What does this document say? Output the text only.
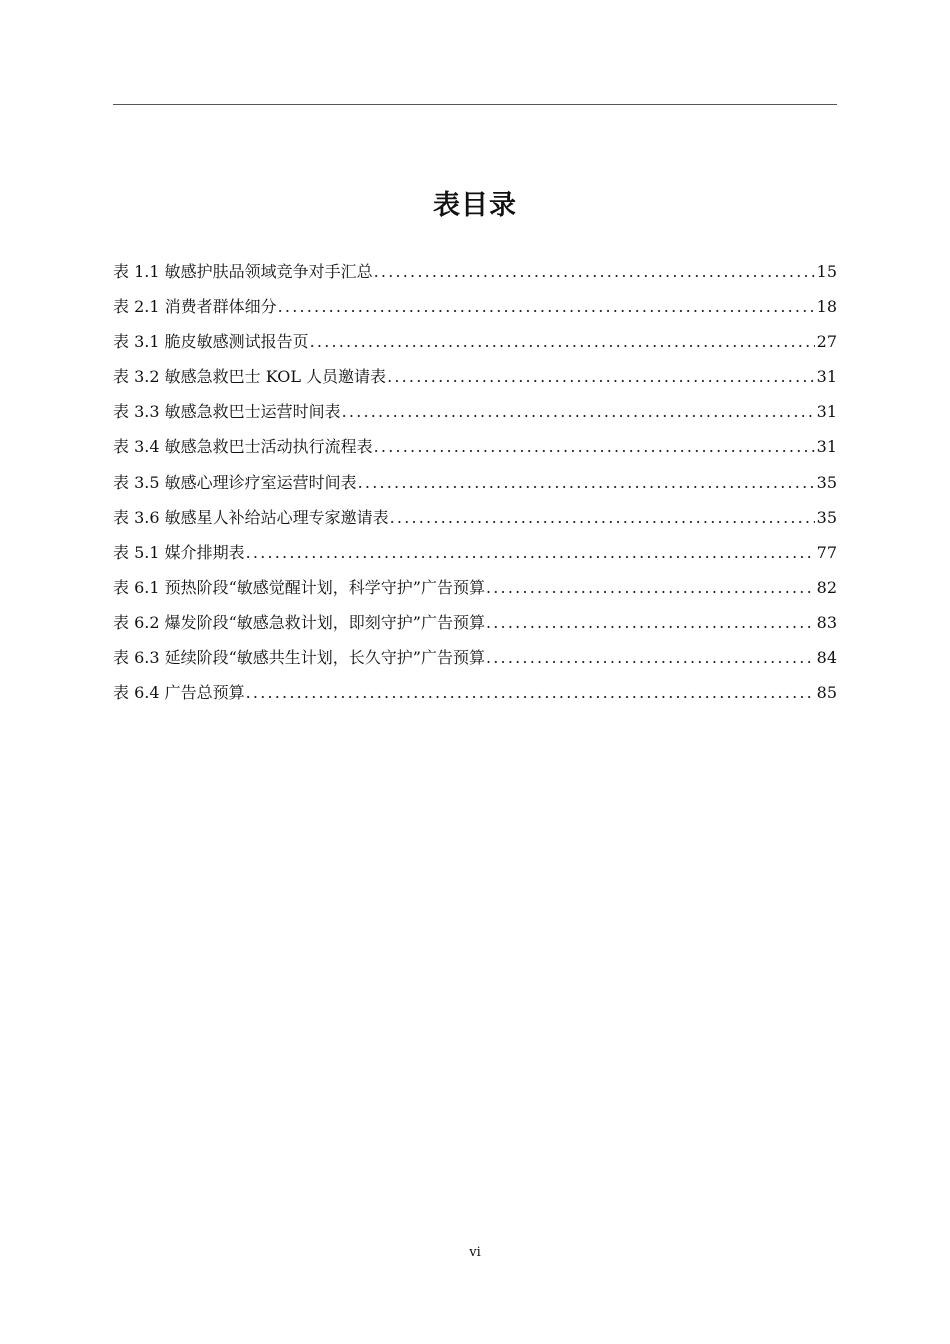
表目录
表 1.1 敏感护肤品领域竞争对手汇总 .....	15
表 2.1 消费者群体细分 .....	18
表 3.1 脆皮敏感测试报告页 .....	27
表 3.2 敏感急救巴士 KOL 人员邀请表 .....	31
表 3.3 敏感急救巴士运营时间表 .....	31
表 3.4 敏感急救巴士活动执行流程表 .....	31
表 3.5 敏感心理诊疗室运营时间表 .....	35
表 3.6 敏感星人补给站心理专家邀请表 .....	35
表 5.1 媒介排期表 .....	77
表 6.1 预热阶段“敏感觉醒计划，科学守护”广告预算 .....	82
表 6.2 爆发阶段“敏感急救计划，即刻守护”广告预算 .....	83
表 6.3 延续阶段“敏感共生计划，长久守护”广告预算 .....	84
表 6.4 广告总预算 .....	85
vi
